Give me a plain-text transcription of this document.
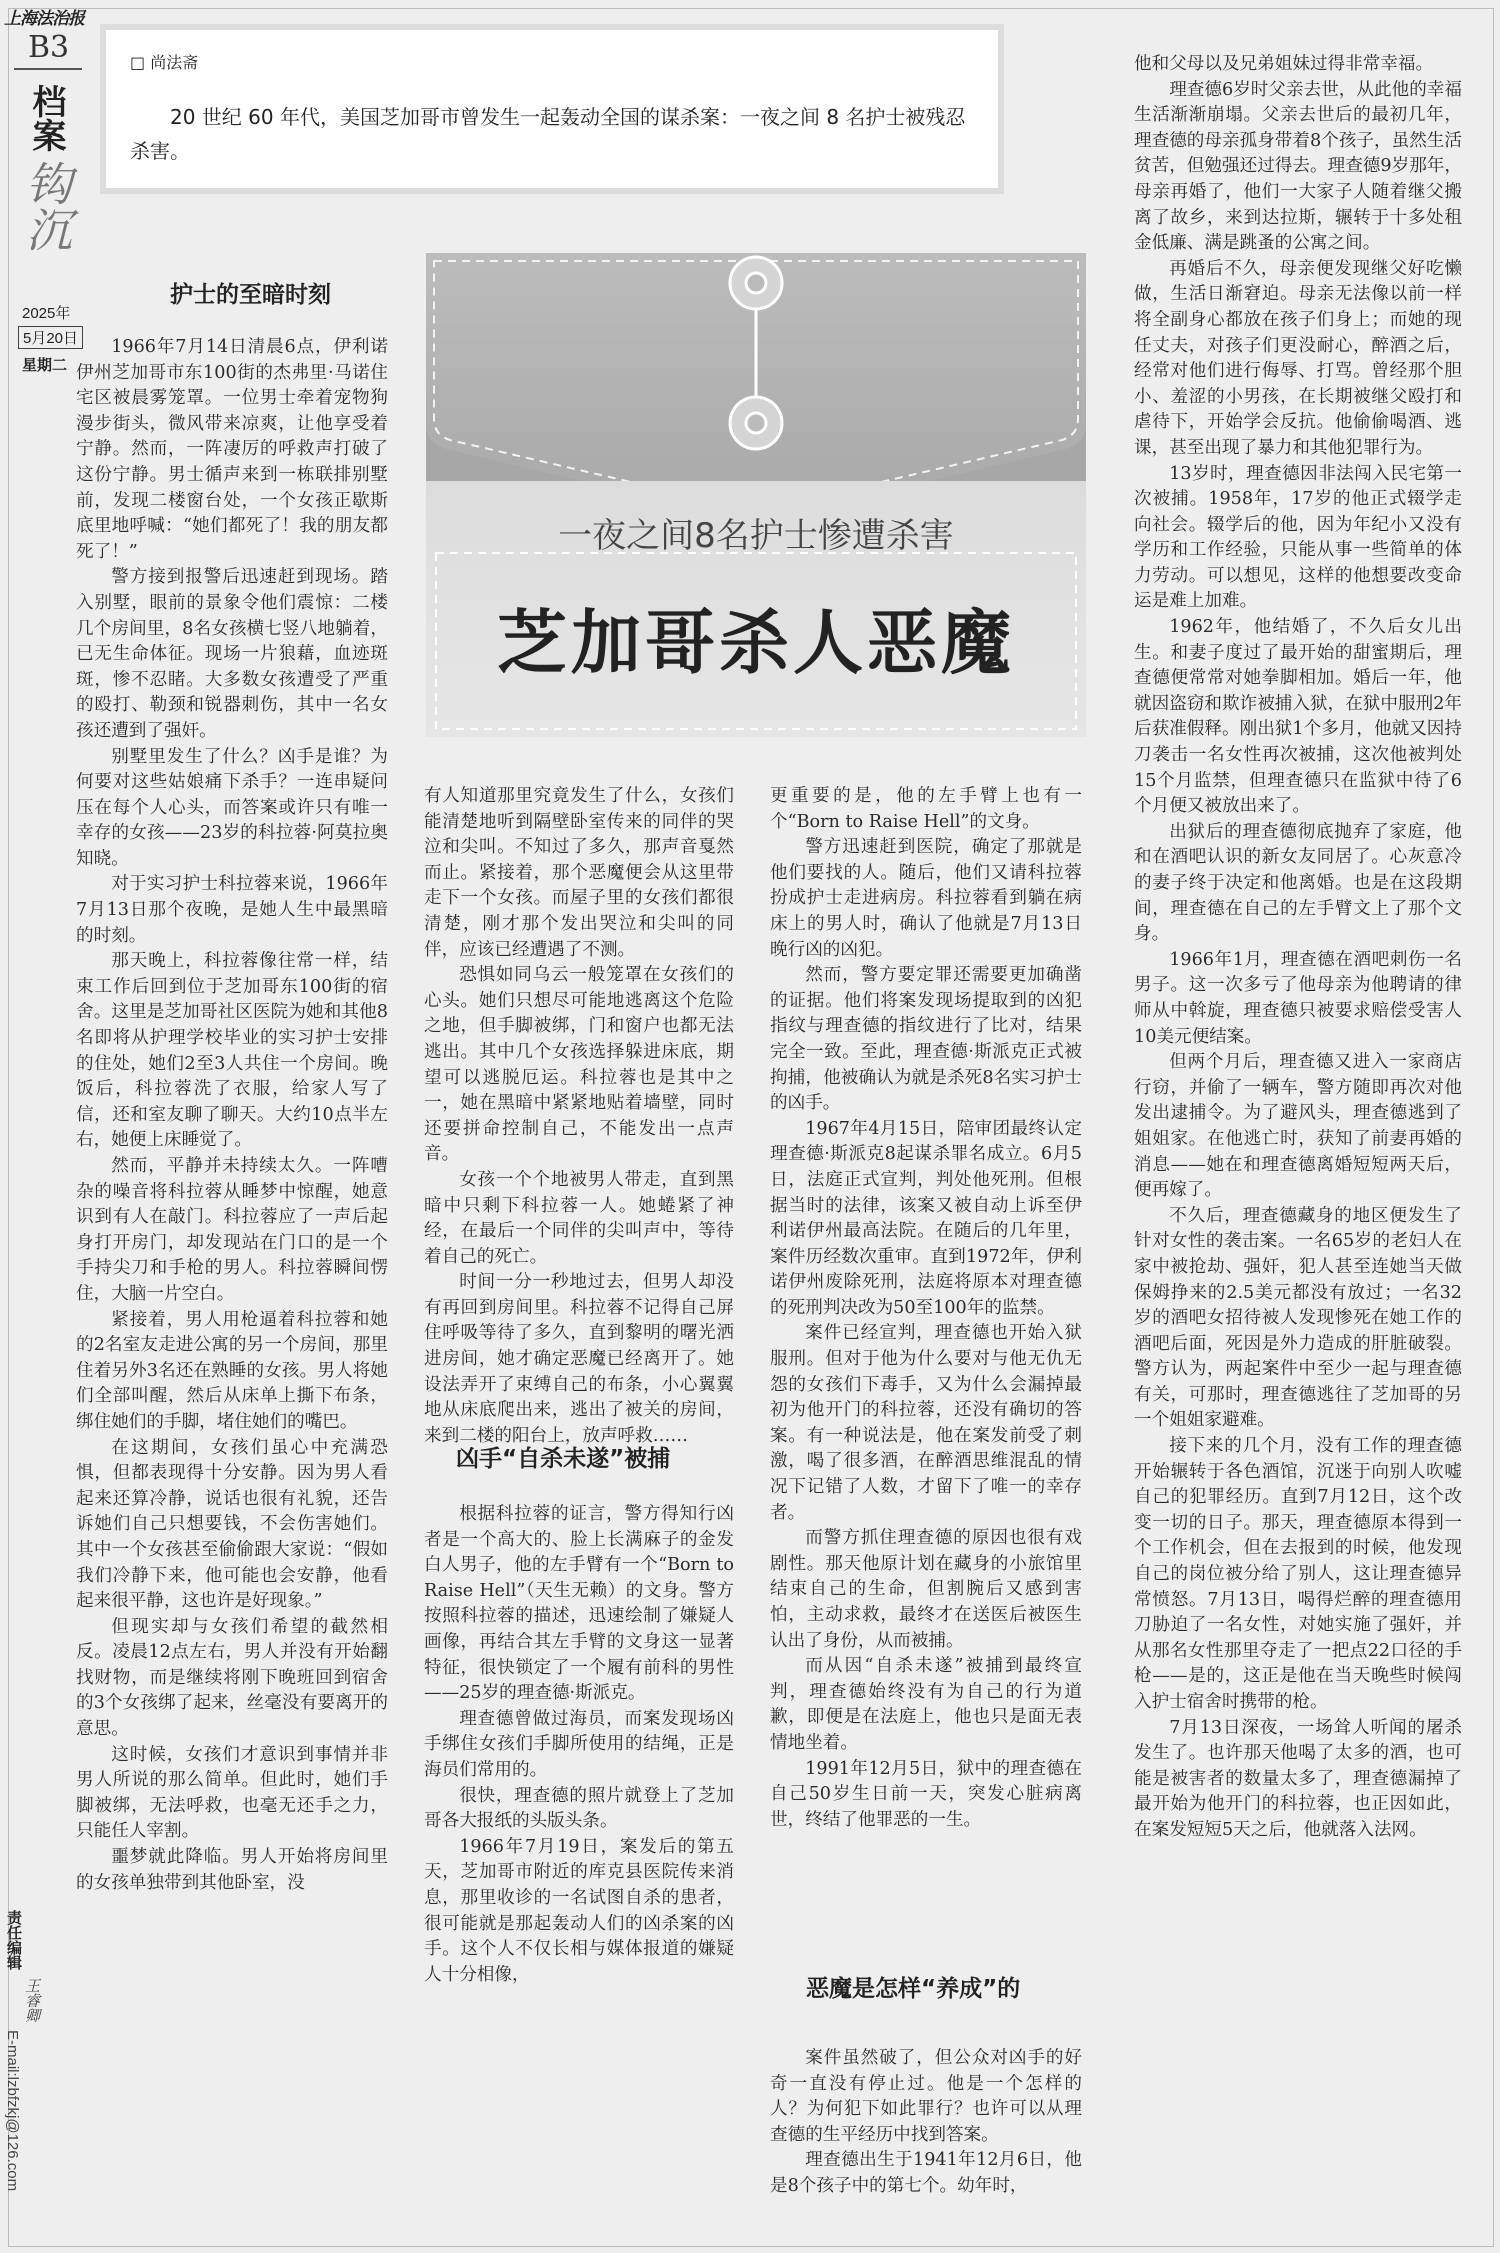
上海法治报
B3
档案
钩沉
2025年
5月20日
星期二
责任编辑
王睿卿
E-mail:lzbfzkj@126.com
□ 尚法斋
20 世纪 60 年代，美国芝加哥市曾发生一起轰动全国的谋杀案：一夜之间 8 名护士被残忍杀害。
一夜之间8名护士惨遭杀害
芝加哥杀人恶魔
护士的至暗时刻

1966年7月14日清晨6点，伊利诺伊州芝加哥市东100街的杰弗里·马诺住宅区被晨雾笼罩。一位男士牵着宠物狗漫步街头，微风带来凉爽，让他享受着宁静。然而，一阵凄厉的呼救声打破了这份宁静。男士循声来到一栋联排别墅前，发现二楼窗台处，一个女孩正歇斯底里地呼喊：“她们都死了！我的朋友都死了！”

警方接到报警后迅速赶到现场。踏入别墅，眼前的景象令他们震惊：二楼几个房间里，8名女孩横七竖八地躺着，已无生命体征。现场一片狼藉，血迹斑斑，惨不忍睹。大多数女孩遭受了严重的殴打、勒颈和锐器刺伤，其中一名女孩还遭到了强奸。

别墅里发生了什么？凶手是谁？为何要对这些姑娘痛下杀手？一连串疑问压在每个人心头，而答案或许只有唯一幸存的女孩——23岁的科拉蓉·阿莫拉奥知晓。

对于实习护士科拉蓉来说，1966年7月13日那个夜晚，是她人生中最黑暗的时刻。

那天晚上，科拉蓉像往常一样，结束工作后回到位于芝加哥东100街的宿舍。这里是芝加哥社区医院为她和其他8名即将从护理学校毕业的实习护士安排的住处，她们2至3人共住一个房间。晚饭后，科拉蓉洗了衣服，给家人写了信，还和室友聊了聊天。大约10点半左右，她便上床睡觉了。

然而，平静并未持续太久。一阵嘈杂的噪音将科拉蓉从睡梦中惊醒，她意识到有人在敲门。科拉蓉应了一声后起身打开房门，却发现站在门口的是一个手持尖刀和手枪的男人。科拉蓉瞬间愣住，大脑一片空白。

紧接着，男人用枪逼着科拉蓉和她的2名室友走进公寓的另一个房间，那里住着另外3名还在熟睡的女孩。男人将她们全部叫醒，然后从床单上撕下布条，绑住她们的手脚，堵住她们的嘴巴。

在这期间，女孩们虽心中充满恐惧，但都表现得十分安静。因为男人看起来还算冷静，说话也很有礼貌，还告诉她们自己只想要钱，不会伤害她们。其中一个女孩甚至偷偷跟大家说：“假如我们冷静下来，他可能也会安静，他看起来很平静，这也许是好现象。”

但现实却与女孩们希望的截然相反。凌晨12点左右，男人并没有开始翻找财物，而是继续将刚下晚班回到宿舍的3个女孩绑了起来，丝毫没有要离开的意思。

这时候，女孩们才意识到事情并非男人所说的那么简单。但此时，她们手脚被绑，无法呼救，也毫无还手之力，只能任人宰割。

噩梦就此降临。男人开始将房间里的女孩单独带到其他卧室，没

有人知道那里究竟发生了什么，女孩们能清楚地听到隔壁卧室传来的同伴的哭泣和尖叫。不知过了多久，那声音戛然而止。紧接着，那个恶魔便会从这里带走下一个女孩。而屋子里的女孩们都很清楚，刚才那个发出哭泣和尖叫的同伴，应该已经遭遇了不测。

恐惧如同乌云一般笼罩在女孩们的心头。她们只想尽可能地逃离这个危险之地，但手脚被绑，门和窗户也都无法逃出。其中几个女孩选择躲进床底，期望可以逃脱厄运。科拉蓉也是其中之一，她在黑暗中紧紧地贴着墙壁，同时还要拼命控制自己，不能发出一点声音。

女孩一个个地被男人带走，直到黑暗中只剩下科拉蓉一人。她蜷紧了神经，在最后一个同伴的尖叫声中，等待着自己的死亡。

时间一分一秒地过去，但男人却没有再回到房间里。科拉蓉不记得自己屏住呼吸等待了多久，直到黎明的曙光洒进房间，她才确定恶魔已经离开了。她设法弄开了束缚自己的布条，小心翼翼地从床底爬出来，逃出了被关的房间，来到二楼的阳台上，放声呼救……

凶手“自杀未遂”被捕

根据科拉蓉的证言，警方得知行凶者是一个高大的、脸上长满麻子的金发白人男子，他的左手臂有一个“Born to Raise Hell”（天生无赖）的文身。警方按照科拉蓉的描述，迅速绘制了嫌疑人画像，再结合其左手臂的文身这一显著特征，很快锁定了一个履有前科的男性——25岁的理查德·斯派克。

理查德曾做过海员，而案发现场凶手绑住女孩们手脚所使用的结绳，正是海员们常用的。

很快，理查德的照片就登上了芝加哥各大报纸的头版头条。

1966年7月19日，案发后的第五天，芝加哥市附近的库克县医院传来消息，那里收诊的一名试图自杀的患者，很可能就是那起轰动人们的凶杀案的凶手。这个人不仅长相与媒体报道的嫌疑人十分相像，

更重要的是，他的左手臂上也有一个“Born to Raise Hell”的文身。

警方迅速赶到医院，确定了那就是他们要找的人。随后，他们又请科拉蓉扮成护士走进病房。科拉蓉看到躺在病床上的男人时，确认了他就是7月13日晚行凶的凶犯。

然而，警方要定罪还需要更加确凿的证据。他们将案发现场提取到的凶犯指纹与理查德的指纹进行了比对，结果完全一致。至此，理查德·斯派克正式被拘捕，他被确认为就是杀死8名实习护士的凶手。

1967年4月15日，陪审团最终认定理查德·斯派克8起谋杀罪名成立。6月5日，法庭正式宣判，判处他死刑。但根据当时的法律，该案又被自动上诉至伊利诺伊州最高法院。在随后的几年里，案件历经数次重审。直到1972年，伊利诺伊州废除死刑，法庭将原本对理查德的死刑判决改为50至100年的监禁。

案件已经宣判，理查德也开始入狱服刑。但对于他为什么要对与他无仇无怨的女孩们下毒手，又为什么会漏掉最初为他开门的科拉蓉，还没有确切的答案。有一种说法是，他在案发前受了刺激，喝了很多酒，在醉酒思维混乱的情况下记错了人数，才留下了唯一的幸存者。

而警方抓住理查德的原因也很有戏剧性。那天他原计划在藏身的小旅馆里结束自己的生命，但割腕后又感到害怕，主动求救，最终才在送医后被医生认出了身份，从而被捕。

而从因“自杀未遂”被捕到最终宣判，理查德始终没有为自己的行为道歉，即便是在法庭上，他也只是面无表情地坐着。

1991年12月5日，狱中的理查德在自己50岁生日前一天，突发心脏病离世，终结了他罪恶的一生。

恶魔是怎样“养成”的

案件虽然破了，但公众对凶手的好奇一直没有停止过。他是一个怎样的人？为何犯下如此罪行？也许可以从理查德的生平经历中找到答案。

理查德出生于1941年12月6日，他是8个孩子中的第七个。幼年时，

他和父母以及兄弟姐妹过得非常幸福。

理查德6岁时父亲去世，从此他的幸福生活渐渐崩塌。父亲去世后的最初几年，理查德的母亲孤身带着8个孩子，虽然生活贫苦，但勉强还过得去。理查德9岁那年，母亲再婚了，他们一大家子人随着继父搬离了故乡，来到达拉斯，辗转于十多处租金低廉、满是跳蚤的公寓之间。

再婚后不久，母亲便发现继父好吃懒做，生活日渐窘迫。母亲无法像以前一样将全副身心都放在孩子们身上；而她的现任丈夫，对孩子们更没耐心，醉酒之后，经常对他们进行侮辱、打骂。曾经那个胆小、羞涩的小男孩，在长期被继父殴打和虐待下，开始学会反抗。他偷偷喝酒、逃课，甚至出现了暴力和其他犯罪行为。

13岁时，理查德因非法闯入民宅第一次被捕。1958年，17岁的他正式辍学走向社会。辍学后的他，因为年纪小又没有学历和工作经验，只能从事一些简单的体力劳动。可以想见，这样的他想要改变命运是难上加难。

1962年，他结婚了，不久后女儿出生。和妻子度过了最开始的甜蜜期后，理查德便常常对她拳脚相加。婚后一年，他就因盗窃和欺诈被捕入狱，在狱中服刑2年后获准假释。刚出狱1个多月，他就又因持刀袭击一名女性再次被捕，这次他被判处15个月监禁，但理查德只在监狱中待了6个月便又被放出来了。

出狱后的理查德彻底抛弃了家庭，他和在酒吧认识的新女友同居了。心灰意冷的妻子终于决定和他离婚。也是在这段期间，理查德在自己的左手臂文上了那个文身。

1966年1月，理查德在酒吧刺伤一名男子。这一次多亏了他母亲为他聘请的律师从中斡旋，理查德只被要求赔偿受害人10美元便结案。

但两个月后，理查德又进入一家商店行窃，并偷了一辆车，警方随即再次对他发出逮捕令。为了避风头，理查德逃到了姐姐家。在他逃亡时，获知了前妻再婚的消息——她在和理查德离婚短短两天后，便再嫁了。

不久后，理查德藏身的地区便发生了针对女性的袭击案。一名65岁的老妇人在家中被抢劫、强奸，犯人甚至连她当天做保姆挣来的2.5美元都没有放过；一名32岁的酒吧女招待被人发现惨死在她工作的酒吧后面，死因是外力造成的肝脏破裂。警方认为，两起案件中至少一起与理查德有关，可那时，理查德逃往了芝加哥的另一个姐姐家避难。

接下来的几个月，没有工作的理查德开始辗转于各色酒馆，沉迷于向别人吹嘘自己的犯罪经历。直到7月12日，这个改变一切的日子。那天，理查德原本得到一个工作机会，但在去报到的时候，他发现自己的岗位被分给了别人，这让理查德异常愤怒。7月13日，喝得烂醉的理查德用刀胁迫了一名女性，对她实施了强奸，并从那名女性那里夺走了一把点22口径的手枪——是的，这正是他在当天晚些时候闯入护士宿舍时携带的枪。

7月13日深夜，一场耸人听闻的屠杀发生了。也许那天他喝了太多的酒，也可能是被害者的数量太多了，理查德漏掉了最开始为他开门的科拉蓉，也正因如此，在案发短短5天之后，他就落入法网。
